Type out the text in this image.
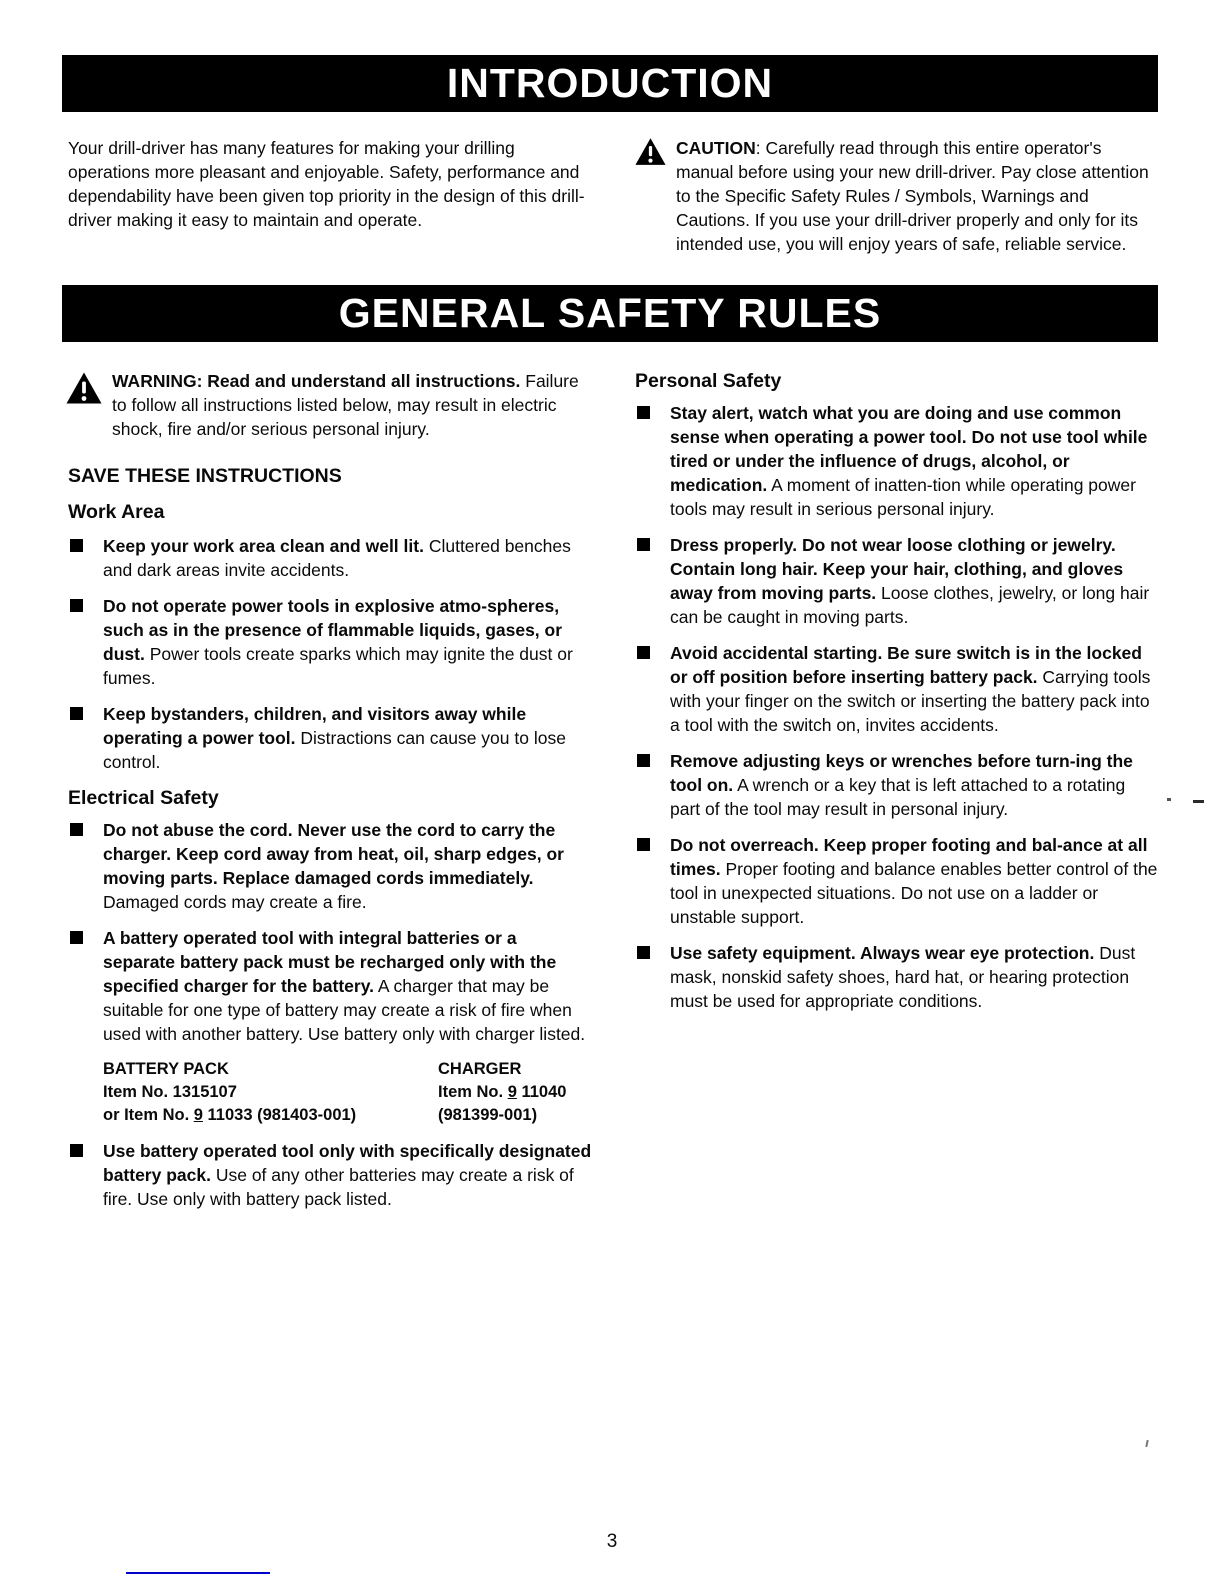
INTRODUCTION

Your drill-driver has many features for making your drilling operations more pleasant and enjoyable. Safety, performance and dependability have been given top priority in the design of this drill-driver making it easy to maintain and operate.

CAUTION: Carefully read through this entire operator's manual before using your new drill-driver. Pay close attention to the Specific Safety Rules / Symbols, Warnings and Cautions. If you use your drill-driver properly and only for its intended use, you will enjoy years of safe, reliable service.

GENERAL SAFETY RULES

WARNING: Read and understand all instructions. Failure to follow all instructions listed below, may result in electric shock, fire and/or serious personal injury.

SAVE THESE INSTRUCTIONS
Work Area

Keep your work area clean and well lit. Cluttered benches and dark areas invite accidents.

Do not operate power tools in explosive atmo-spheres, such as in the presence of flammable liquids, gases, or dust. Power tools create sparks which may ignite the dust or fumes.

Keep bystanders, children, and visitors away while operating a power tool. Distractions can cause you to lose control.

Electrical Safety

Do not abuse the cord. Never use the cord to carry the charger. Keep cord away from heat, oil, sharp edges, or moving parts. Replace damaged cords immediately. Damaged cords may create a fire.

A battery operated tool with integral batteries or a separate battery pack must be recharged only with the specified charger for the battery. A charger that may be suitable for one type of battery may create a risk of fire when used with another battery. Use battery only with charger listed.

BATTERY PACK
Item No. 1315107
or Item No. 9 11033 (981403-001)
CHARGER
Item No. 9 11040
(981399-001)

Use battery operated tool only with specifically designated battery pack. Use of any other batteries may create a risk of fire. Use only with battery pack listed.

Personal Safety

Stay alert, watch what you are doing and use common sense when operating a power tool. Do not use tool while tired or under the influence of drugs, alcohol, or medication. A moment of inatten-tion while operating power tools may result in serious personal injury.

Dress properly. Do not wear loose clothing or jewelry. Contain long hair. Keep your hair, clothing, and gloves away from moving parts. Loose clothes, jewelry, or long hair can be caught in moving parts.

Avoid accidental starting. Be sure switch is in the locked or off position before inserting battery pack. Carrying tools with your finger on the switch or inserting the battery pack into a tool with the switch on, invites accidents.

Remove adjusting keys or wrenches before turn-ing the tool on. A wrench or a key that is left attached to a rotating part of the tool may result in personal injury.

Do not overreach. Keep proper footing and bal-ance at all times. Proper footing and balance enables better control of the tool in unexpected situations. Do not use on a ladder or unstable support.

Use safety equipment. Always wear eye protection. Dust mask, nonskid safety shoes, hard hat, or hearing protection must be used for appropriate conditions.

3
